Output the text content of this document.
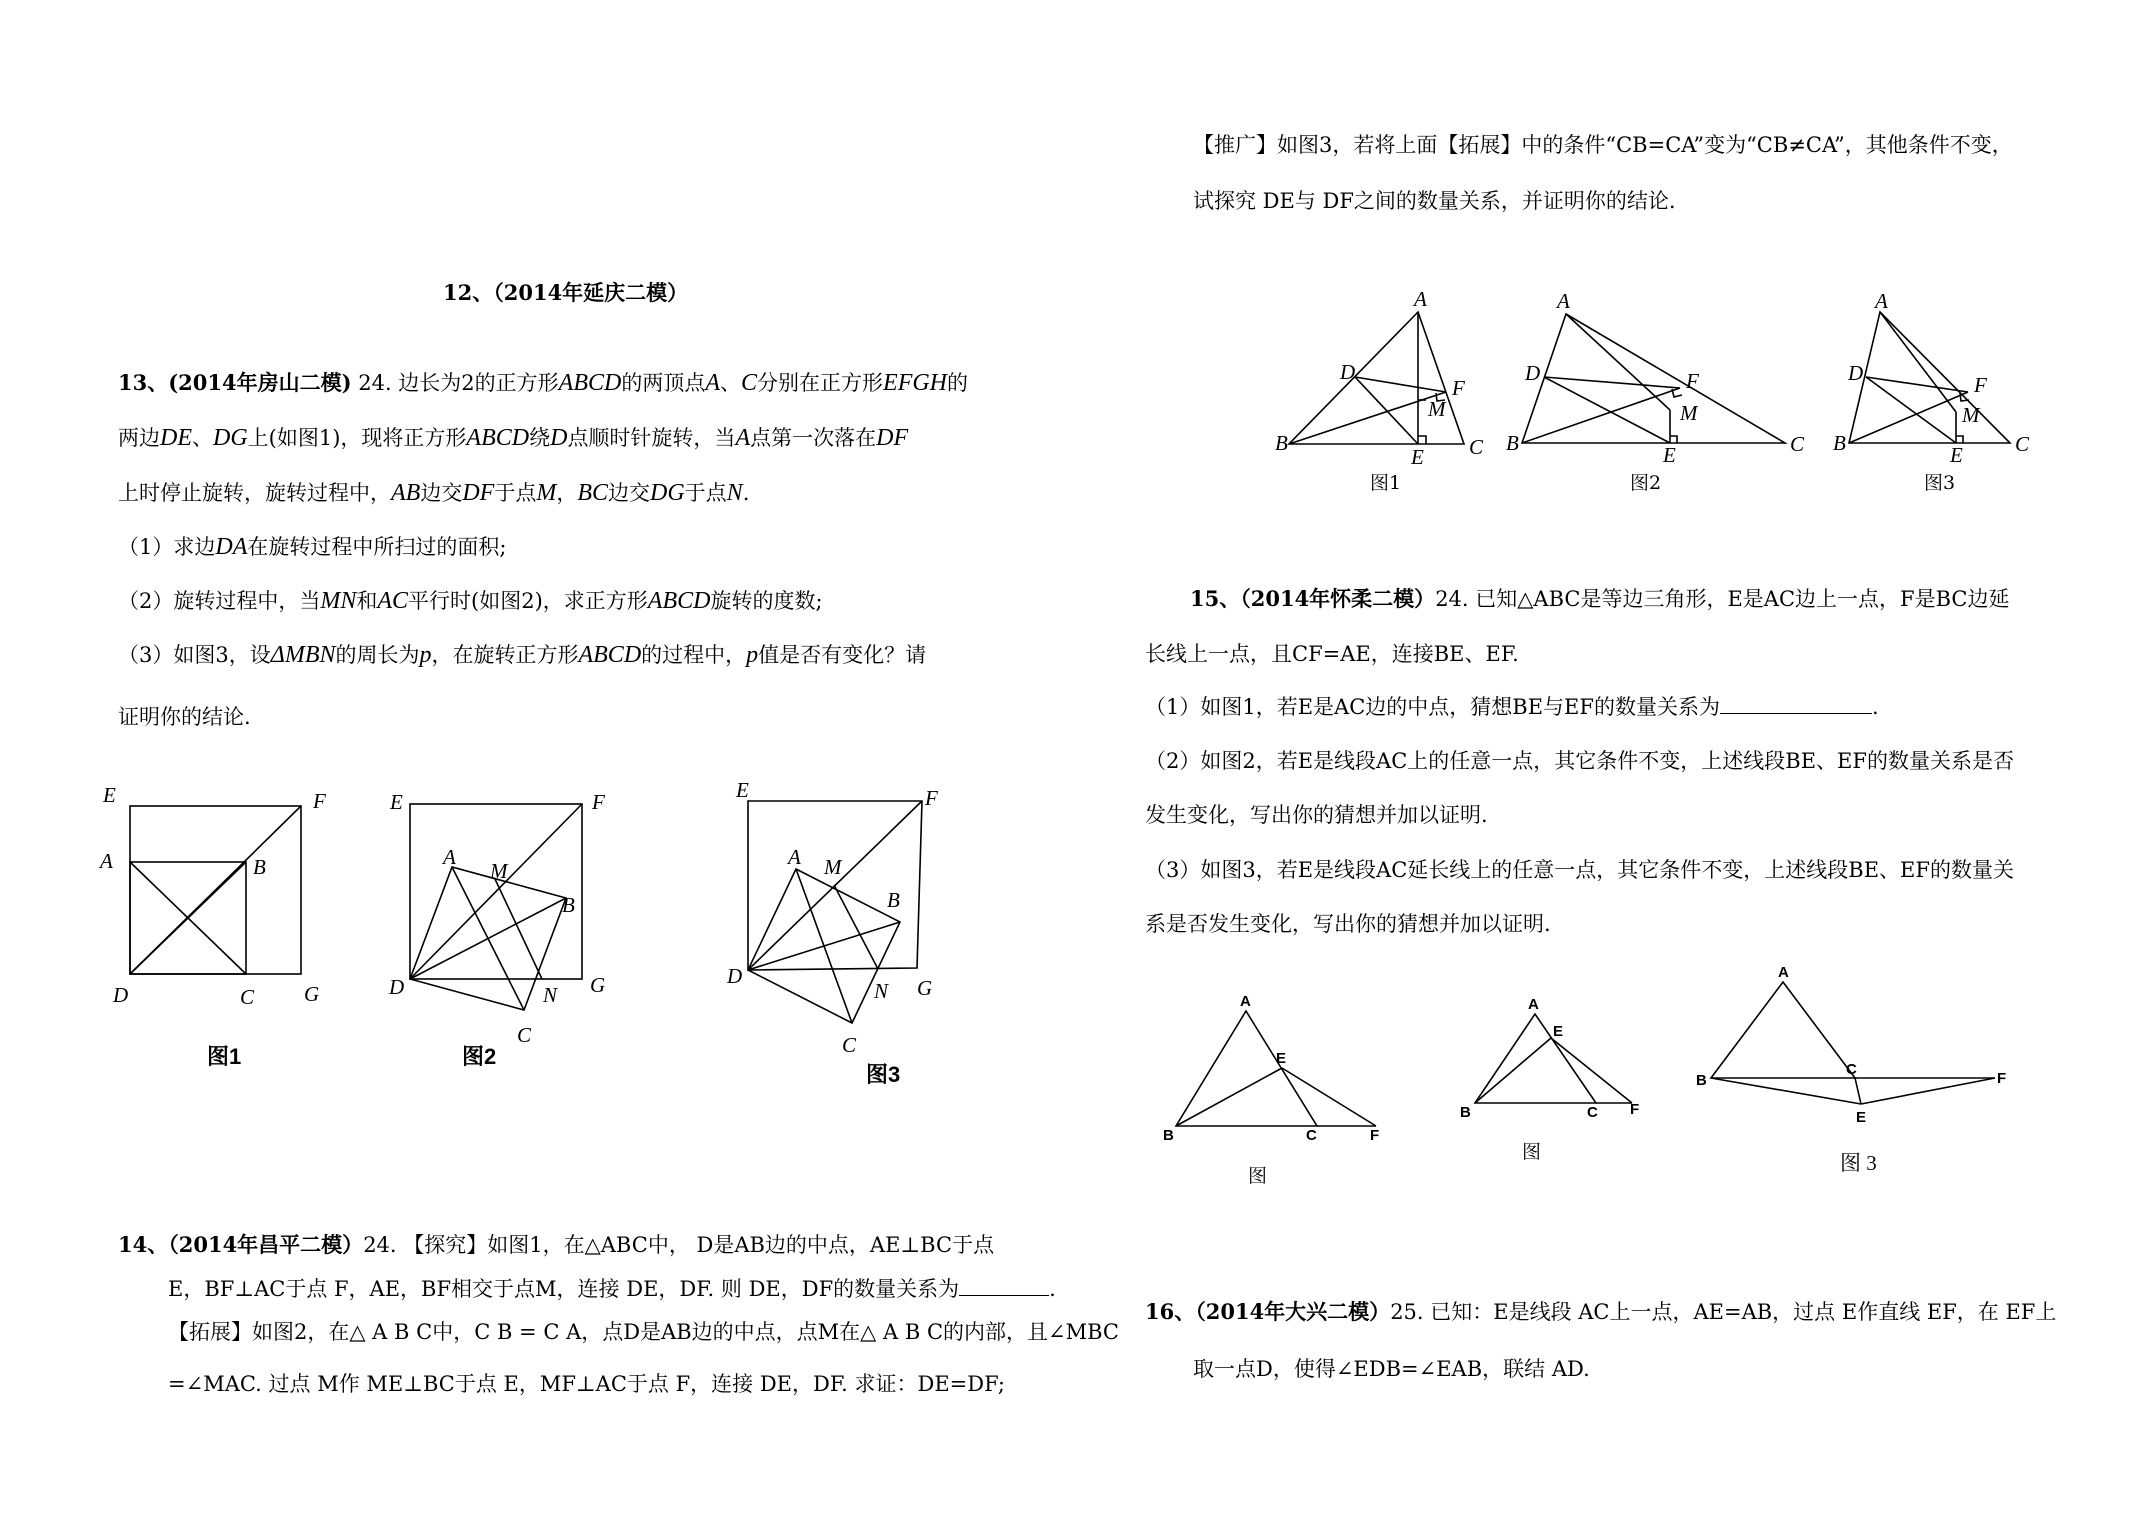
12、（2014年延庆二模）
13、(2014年房山二模) 24. 边长为2的正方形ABCD的两顶点A、C分别在正方形EFGH的
两边DE、DG上(如图1)，现将正方形ABCD绕D点顺时针旋转，当A点第一次落在DF
上时停止旋转，旋转过程中，AB边交DF于点M，BC边交DG于点N.
（1）求边DA在旋转过程中所扫过的面积;
（2）旋转过程中，当MN和AC平行时(如图2)，求正方形ABCD旋转的度数;
（3）如图3，设ΔMBN的周长为p，在旋转正方形ABCD的过程中，p值是否有变化？请
证明你的结论.
E	F
A	B
D	C G
图1
E	F
A
M
B
D	N G
C
图2
E	F
A M
B
D
N G
C
图3
A
D
F
M
B
E C
图1
A
D	F
M
B	E	C
图2
A
D	F
M
B	E C
图3
A
E
B	C	F
图
A
E
B	C F
图
A
B
C
F
E
图 3
14、（2014年昌平二模）24. 【探究】如图1，在△ABC中， D是AB边的中点，AE⊥BC于点
E，BF⊥AC于点 F，AE，BF相交于点M，连接 DE，DF. 则 DE，DF的数量关系为	.
【拓展】如图2，在△ A B C中，C B = C A，点D是AB边的中点，点M在△ A B C的内部，且∠MBC
=∠MAC. 过点 M作 ME⊥BC于点 E，MF⊥AC于点 F，连接 DE，DF. 求证：DE=DF;
【推广】如图3，若将上面【拓展】中的条件“CB=CA”变为“CB≠CA”，其他条件不变，
试探究 DE与 DF之间的数量关系，并证明你的结论.
15、（2014年怀柔二模）24. 已知△ABC是等边三角形，E是AC边上一点，F是BC边延
长线上一点，且CF=AE，连接BE、EF.
（1）如图1，若E是AC边的中点，猜想BE与EF的数量关系为	.
（2）如图2，若E是线段AC上的任意一点，其它条件不变，上述线段BE、EF的数量关系是否
发生变化，写出你的猜想并加以证明.
（3）如图3，若E是线段AC延长线上的任意一点，其它条件不变，上述线段BE、EF的数量关
系是否发生变化，写出你的猜想并加以证明.
16、（2014年大兴二模）25. 已知：E是线段 AC上一点，AE=AB，过点 E作直线 EF，在 EF上
取一点D，使得∠EDB=∠EAB，联结 AD.
